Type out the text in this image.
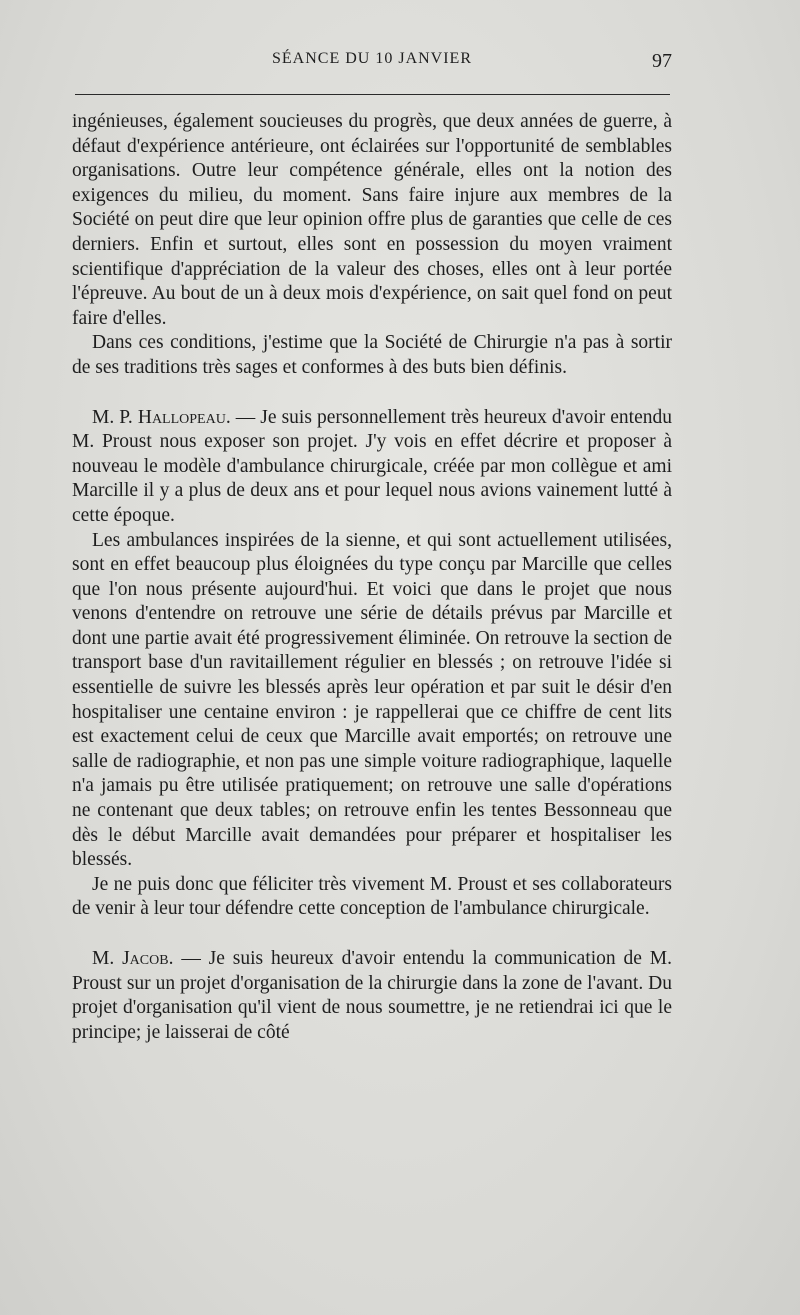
SÉANCE DU 10 JANVIER	97

ingénieuses, également soucieuses du progrès, que deux années de guerre, à défaut d'expérience antérieure, ont éclairées sur l'opportunité de semblables organisations. Outre leur compétence générale, elles ont la notion des exigences du milieu, du moment. Sans faire injure aux membres de la Société on peut dire que leur opinion offre plus de garanties que celle de ces derniers. Enfin et surtout, elles sont en possession du moyen vraiment scientifique d'appréciation de la valeur des choses, elles ont à leur portée l'épreuve. Au bout de un à deux mois d'expérience, on sait quel fond on peut faire d'elles.

Dans ces conditions, j'estime que la Société de Chirurgie n'a pas à sortir de ses traditions très sages et conformes à des buts bien définis.

M. P. Hallopeau. — Je suis personnellement très heureux d'avoir entendu M. Proust nous exposer son projet. J'y vois en effet décrire et proposer à nouveau le modèle d'ambulance chirurgicale, créée par mon collègue et ami Marcille il y a plus de deux ans et pour lequel nous avions vainement lutté à cette époque.

Les ambulances inspirées de la sienne, et qui sont actuellement utilisées, sont en effet beaucoup plus éloignées du type conçu par Marcille que celles que l'on nous présente aujourd'hui. Et voici que dans le projet que nous venons d'entendre on retrouve une série de détails prévus par Marcille et dont une partie avait été progressivement éliminée. On retrouve la section de transport base d'un ravitaillement régulier en blessés ; on retrouve l'idée si essentielle de suivre les blessés après leur opération et par suit le désir d'en hospitaliser une centaine environ : je rappellerai que ce chiffre de cent lits est exactement celui de ceux que Marcille avait emportés; on retrouve une salle de radiographie, et non pas une simple voiture radiographique, laquelle n'a jamais pu être utilisée pratiquement; on retrouve une salle d'opérations ne contenant que deux tables; on retrouve enfin les tentes Bessonneau que dès le début Marcille avait demandées pour préparer et hospitaliser les blessés.

Je ne puis donc que féliciter très vivement M. Proust et ses collaborateurs de venir à leur tour défendre cette conception de l'ambulance chirurgicale.

M. Jacob. — Je suis heureux d'avoir entendu la communication de M. Proust sur un projet d'organisation de la chirurgie dans la zone de l'avant. Du projet d'organisation qu'il vient de nous soumettre, je ne retiendrai ici que le principe; je laisserai de côté
